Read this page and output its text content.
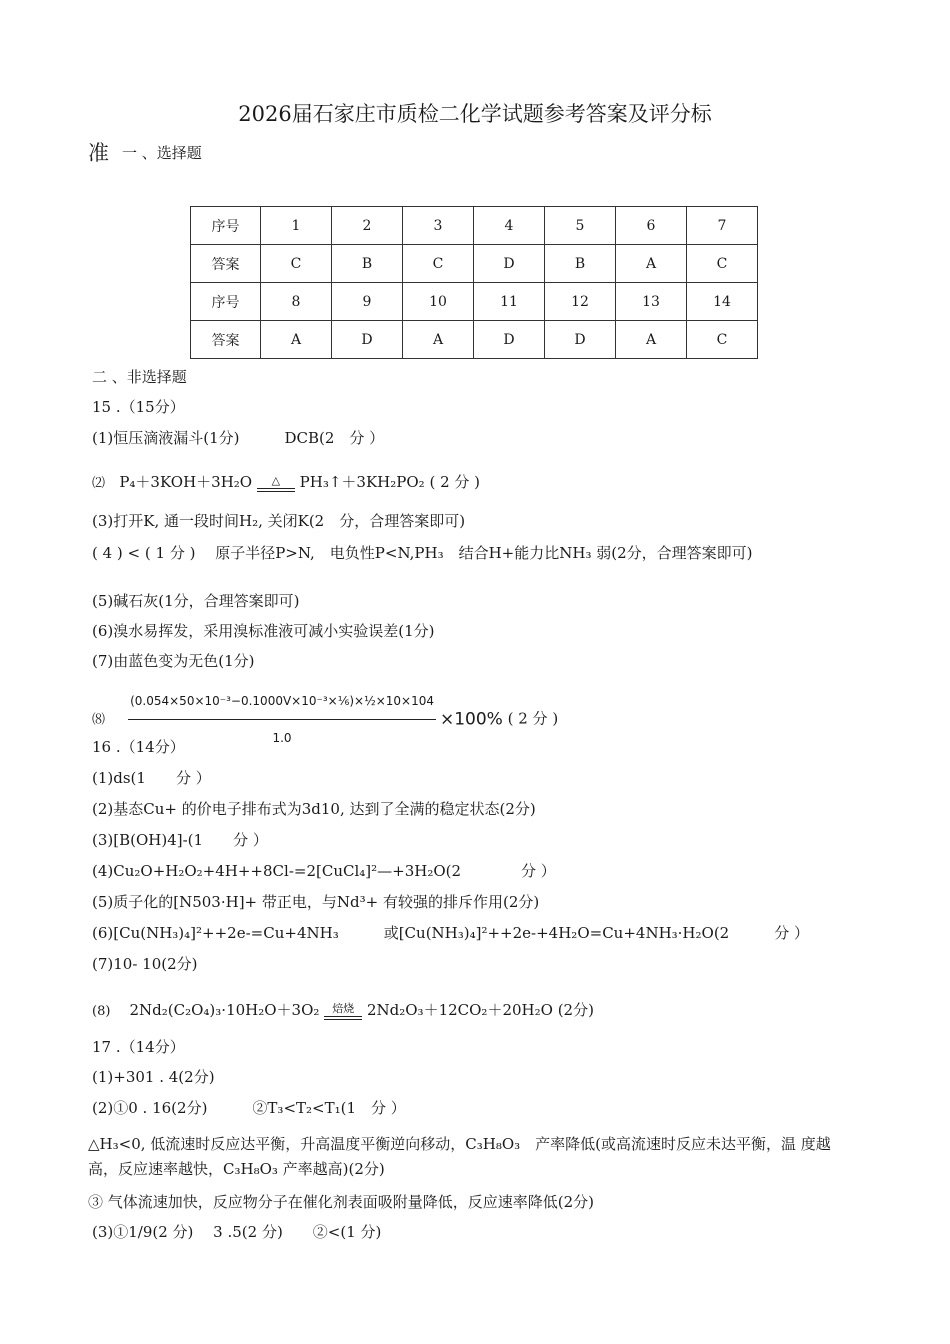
2026届石家庄市质检二化学试题参考答案及评分标
准 一 、选择题
序号	1	2	3	4	5	6	7
答案	C	B	C	D	B	A	C
序号	8	9	10	11	12	13	14
答案	A	D	A	D	D	A	C
二 、非选择题
15 .（15分）
(1)恒压滴液漏斗(1分)　　　DCB(2　分 ）
⑵ P₄＋3KOH＋3H₂O	△	PH₃↑＋3KH₂PO₂ ( 2 分 )
(3)打开K, 通一段时间H₂, 关闭K(2　分，合理答案即可)
( 4 ) < ( 1 分 )　 原子半径P>N,　电负性P<N,PH₃　结合H+能力比NH₃ 弱(2分，合理答案即可)
(5)碱石灰(1分，合理答案即可)
(6)溴水易挥发，采用溴标准液可减小实验误差(1分)
(7)由蓝色变为无色(1分)
⑻ $\frac{\text{(0.054×50×10⁻³−0.1000V×10⁻³×⅙)×½×10×104}}{1.0} \times 100\%$ ( 2 分 )
16 .（14分）
(1)ds(1　　分 ）
(2)基态Cu+ 的价电子排布式为3d10, 达到了全满的稳定状态(2分)
(3)[B(OH)4]-(1　　分 ）
(4)Cu₂O+H₂O₂+4H++8Cl-=2[CuCl₄]²—+3H₂O(2　　　　分 ）
(5)质子化的[N503·H]+ 带正电，与Nd³+ 有较强的排斥作用(2分)
(6)[Cu(NH₃)₄]²++2e-=Cu+4NH₃　　　或[Cu(NH₃)₄]²++2e-+4H₂O=Cu+4NH₃·H₂O(2　　　分 ）
(7)10- 10(2分)
(8) 2Nd₂(C₂O₄)₃·10H₂O＋3O₂	焙烧 2Nd₂O₃＋12CO₂＋20H₂O (2分)
17 .（14分）
(1)+301 . 4(2分)
(2)①0 . 16(2分)　　　②T₃<T₂<T₁(1　分 ）
△H₃<0, 低流速时反应达平衡，升高温度平衡逆向移动，C₃H₈O₃　产率降低(或高流速时反应未达平衡，温 度越高，反应速率越快，C₃H₈O₃ 产率越高)(2分)
③ 气体流速加快，反应物分子在催化剂表面吸附量降低，反应速率降低(2分)
(3)①1/9(2 分)　 3 .5(2 分)　　②<(1 分)
